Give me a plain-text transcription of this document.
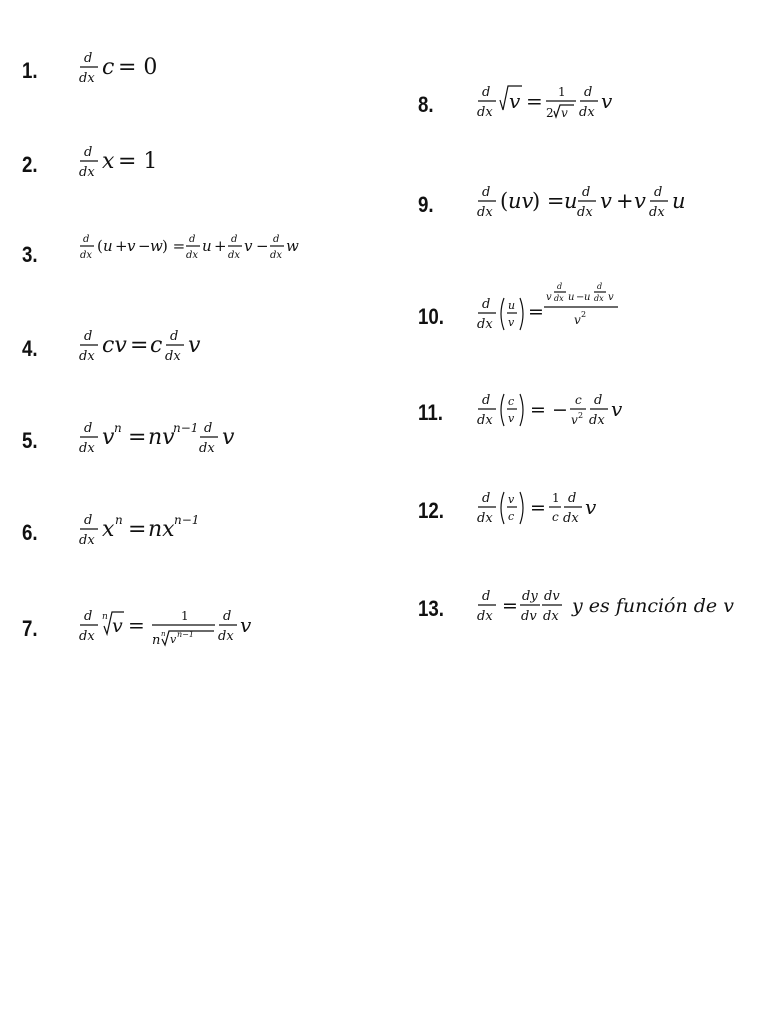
1.	d
dx c = 0
2.	d
dx x = 1
3.
d
dx
( u + v − w ) = d
dx
u + d
dx
v − d
dx
w
4.	d
dx cv = c d
dx v
5.	d
dx v n = nv
n−1 d
dx v
6.	d
dx x n = nx n−1
7.	d
dx
n v =	1
n n v n−1
d
dx v
8.	d
dx v = 1
2 v
d
dx v
9.	d
dx ( uv
) = u d
dx v + v d
dx u
10.	d
dx
u
v =
v
d
dx u − u
d
dx v
v 2
11.	d
dx
c
v = − c
v 2
d
dx v
12.	d
dx
v
c = 1
c
d
dx v
13.	d
dx = dy
dv
dv
dx y es función de v
